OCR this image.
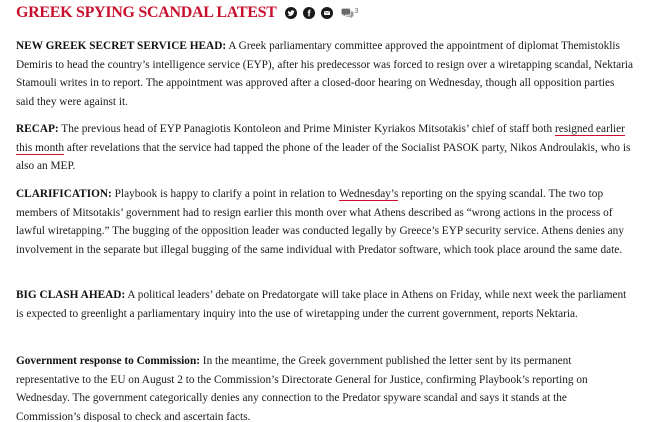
GREEK SPYING SCANDAL LATEST	3

NEW GREEK SECRET SERVICE HEAD: A Greek parliamentary committee approved the appointment of diplomat Themistoklis Demiris to head the country’s intelligence service (EYP), after his predecessor was forced to resign over a wiretapping scandal, Nektaria Stamouli writes in to report. The appointment was approved after a closed-door hearing on Wednesday, though all opposition parties said they were against it.

RECAP: The previous head of EYP Panagiotis Kontoleon and Prime Minister Kyriakos Mitsotakis’ chief of staff both resigned earlier this month after revelations that the service had tapped the phone of the leader of the Socialist PASOK party, Nikos Androulakis, who is also an MEP.

CLARIFICATION: Playbook is happy to clarify a point in relation to Wednesday’s reporting on the spying scandal. The two top members of Mitsotakis’ government had to resign earlier this month over what Athens described as “wrong actions in the process of lawful wiretapping.” The bugging of the opposition leader was conducted legally by Greece’s EYP security service. Athens denies any involvement in the separate but illegal bugging of the same individual with Predator software, which took place around the same date.

BIG CLASH AHEAD: A political leaders’ debate on Predatorgate will take place in Athens on Friday, while next week the parliament is expected to greenlight a parliamentary inquiry into the use of wiretapping under the current government, reports Nektaria.

Government response to Commission: In the meantime, the Greek government published the letter sent by its permanent representative to the EU on August 2 to the Commission’s Directorate General for Justice, confirming Playbook’s reporting on Wednesday. The government categorically denies any connection to the Predator spyware scandal and says it stands at the Commission’s disposal to check and ascertain facts.
